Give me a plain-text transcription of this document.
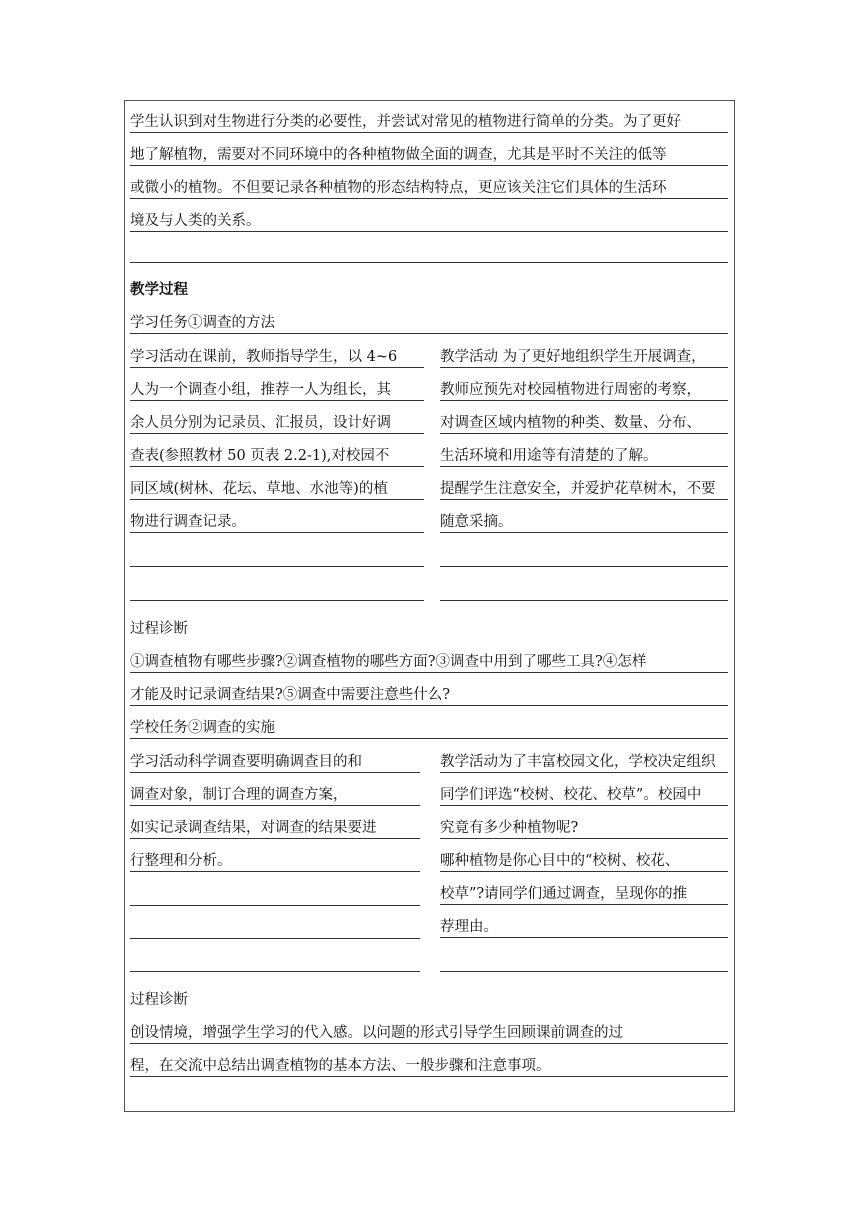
学生认识到对生物进行分类的必要性，并尝试对常见的植物进行简单的分类。为了更好
地了解植物，需要对不同环境中的各种植物做全面的调查，尤其是平时不关注的低等
或微小的植物。不但要记录各种植物的形态结构特点，更应该关注它们具体的生活环
境及与人类的关系。
教学过程
学习任务①调查的方法
学习活动在课前，教师指导学生，以 4~6
人为一个调查小组，推荐一人为组长，其
余人员分别为记录员、汇报员，设计好调
查表(参照教材 50 页表 2.2-1),对校园不
同区域(树林、花坛、草地、水池等)的植
物进行调查记录。
教学活动 为了更好地组织学生开展调查，
教师应预先对校园植物进行周密的考察，
对调查区域内植物的种类、数量、分布、
生活环境和用途等有清楚的了解。
提醒学生注意安全，并爱护花草树木，不要
随意采摘。
过程诊断
①调查植物有哪些步骤?②调查植物的哪些方面?③调查中用到了哪些工具?④怎样
才能及时记录调查结果?⑤调查中需要注意些什么?
学校任务②调查的实施
学习活动科学调查要明确调查目的和
调查对象，制订合理的调查方案，
如实记录调查结果，对调查的结果要进
行整理和分析。
教学活动为了丰富校园文化，学校决定组织
同学们评选“校树、校花、校草”。校园中
究竟有多少种植物呢?
哪种植物是你心目中的“校树、校花、
校草”?请同学们通过调查，呈现你的推
荐理由。
过程诊断
创设情境，增强学生学习的代入感。以问题的形式引导学生回顾课前调查的过
程，在交流中总结出调查植物的基本方法、一般步骤和注意事项。
